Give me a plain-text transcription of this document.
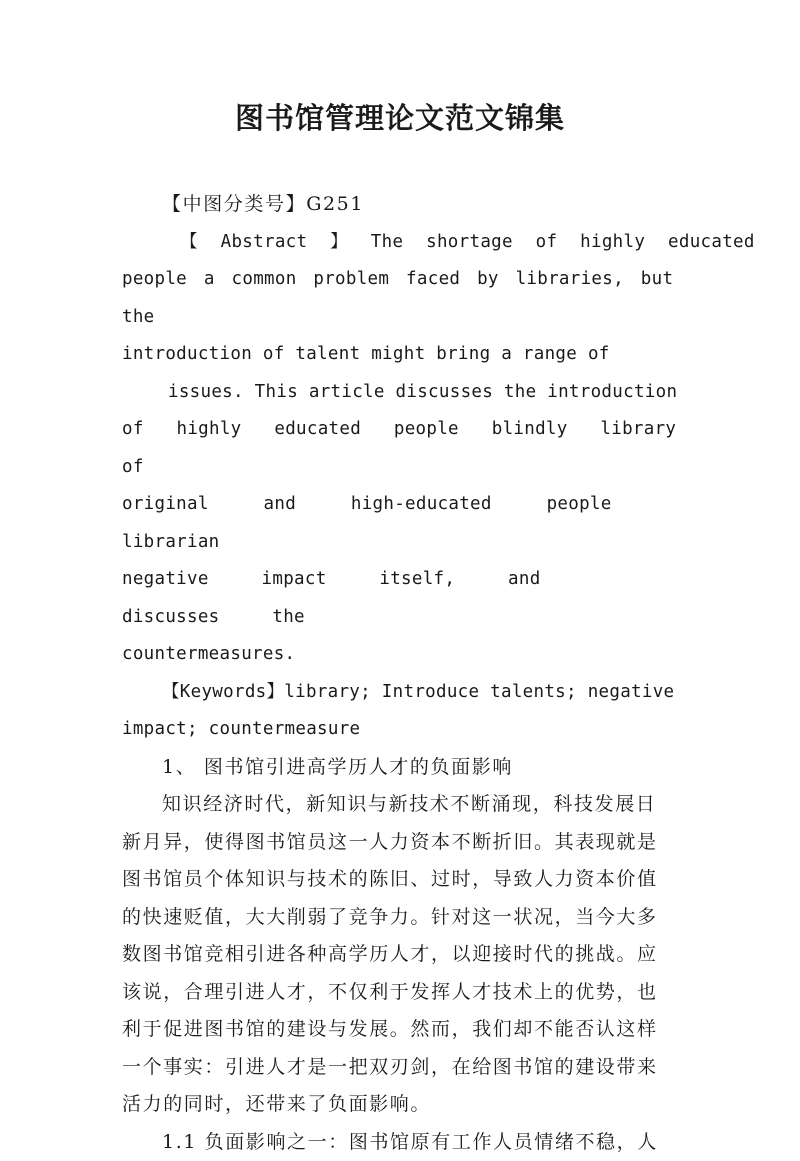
图书馆管理论文范文锦集

【中图分类号】G251

【 Abstract 】 The shortage of highly educated
people a common problem faced by libraries, but the
introduction of talent might bring a range of
issues. This article discusses the introduction
of highly educated people blindly library of
original and high-educated people librarian
negative impact itself, and discusses the
countermeasures.
【Keywords】library; Introduce talents; negative
impact; countermeasure

1、 图书馆引进高学历人才的负面影响

知识经济时代，新知识与新技术不断涌现，科技发展日
新月异，使得图书馆员这一人力资本不断折旧。其表现就是
图书馆员个体知识与技术的陈旧、过时，导致人力资本价值
的快速贬值，大大削弱了竞争力。针对这一状况，当今大多
数图书馆竞相引进各种高学历人才，以迎接时代的挑战。应
该说，合理引进人才，不仅利于发挥人才技术上的优势，也
利于促进图书馆的建设与发展。然而，我们却不能否认这样
一个事实：引进人才是一把双刃剑，在给图书馆的建设带来
活力的同时，还带来了负面影响。

1.1 负面影响之一：图书馆原有工作人员情绪不稳，人
